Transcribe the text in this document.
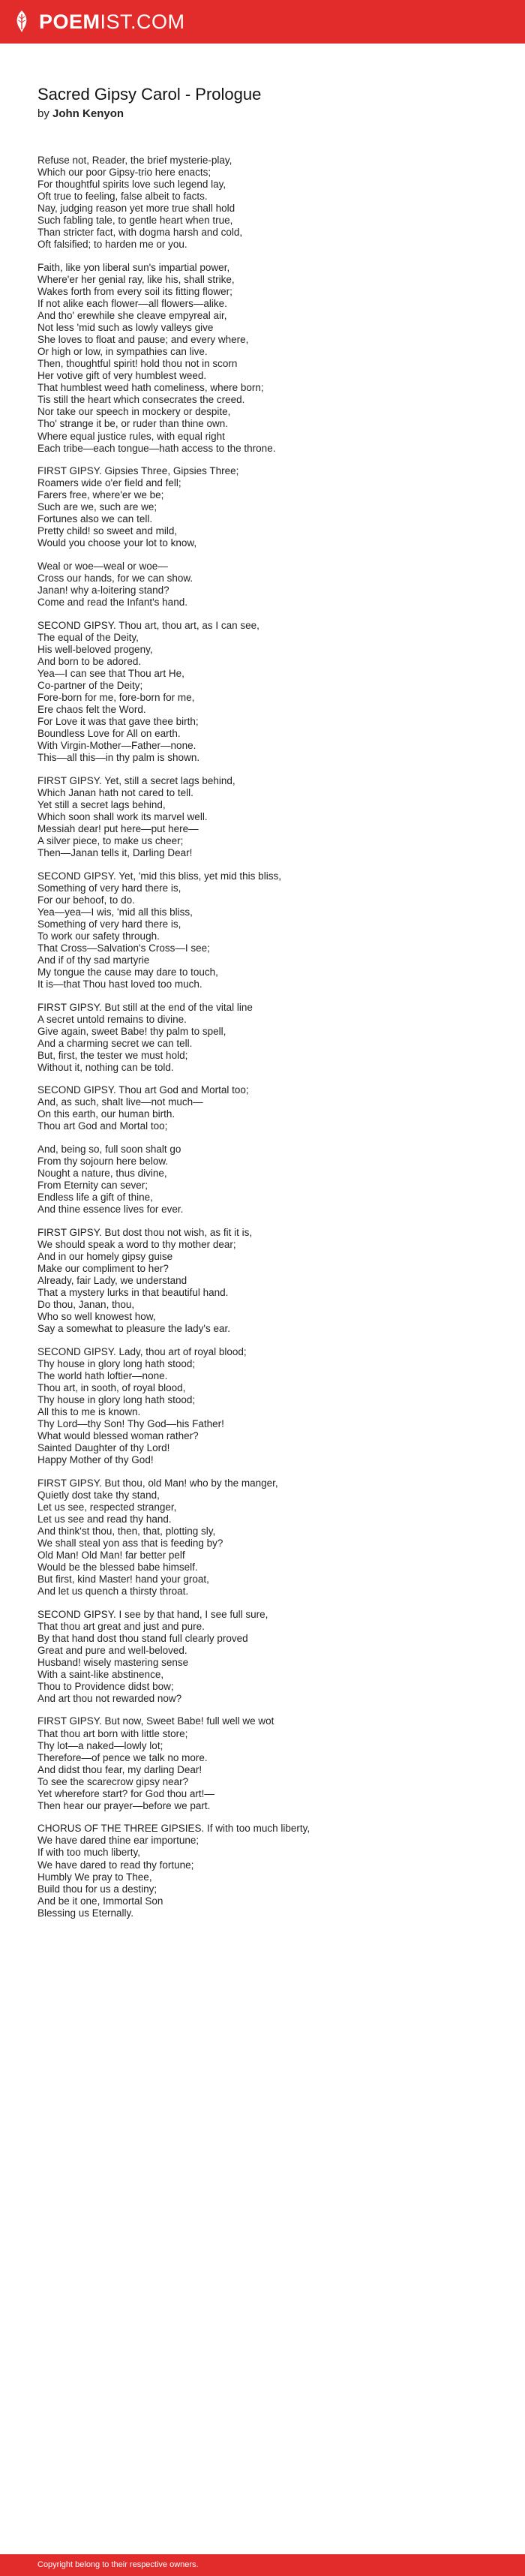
POEMIST.COM
Sacred Gipsy Carol - Prologue
by John Kenyon
Refuse not, Reader, the brief mysterie-play,
Which our poor Gipsy-trio here enacts;
For thoughtful spirits love such legend lay,
Oft true to feeling, false albeit to facts.
Nay, judging reason yet more true shall hold
Such fabling tale, to gentle heart when true,
Than stricter fact, with dogma harsh and cold,
Oft falsified; to harden me or you.
Faith, like yon liberal sun's impartial power,
Where'er her genial ray, like his, shall strike,
Wakes forth from every soil its fitting flower;
If not alike each flower—all flowers—alike.
And tho' erewhile she cleave empyreal air,
Not less 'mid such as lowly valleys give
She loves to float and pause; and every where,
Or high or low, in sympathies can live.
Then, thoughtful spirit! hold thou not in scorn
Her votive gift of very humblest weed.
That humblest weed hath comeliness, where born;
Tis still the heart which consecrates the creed.
Nor take our speech in mockery or despite,
Tho' strange it be, or ruder than thine own.
Where equal justice rules, with equal right
Each tribe—each tongue—hath access to the throne.
FIRST GIPSY. Gipsies Three, Gipsies Three;
Roamers wide o'er field and fell;
Farers free, where'er we be;
Such are we, such are we;
Fortunes also we can tell.
Pretty child! so sweet and mild,
Would you choose your lot to know,
Weal or woe—weal or woe—
Cross our hands, for we can show.
Janan! why a-loitering stand?
Come and read the Infant's hand.
SECOND GIPSY. Thou art, thou art, as I can see,
The equal of the Deity,
His well-beloved progeny,
And born to be adored.
Yea—I can see that Thou art He,
Co-partner of the Deity;
Fore-born for me, fore-born for me,
Ere chaos felt the Word.
For Love it was that gave thee birth;
Boundless Love for All on earth.
With Virgin-Mother—Father—none.
This—all this—in thy palm is shown.
FIRST GIPSY. Yet, still a secret lags behind,
Which Janan hath not cared to tell.
Yet still a secret lags behind,
Which soon shall work its marvel well.
Messiah dear! put here—put here—
A silver piece, to make us cheer;
Then—Janan tells it, Darling Dear!
SECOND GIPSY. Yet, 'mid this bliss, yet mid this bliss,
Something of very hard there is,
For our behoof, to do.
Yea—yea—I wis, 'mid all this bliss,
Something of very hard there is,
To work our safety through.
That Cross—Salvation's Cross—I see;
And if of thy sad martyrie
My tongue the cause may dare to touch,
It is—that Thou hast loved too much.
FIRST GIPSY. But still at the end of the vital line
A secret untold remains to divine.
Give again, sweet Babe! thy palm to spell,
And a charming secret we can tell.
But, first, the tester we must hold;
Without it, nothing can be told.
SECOND GIPSY. Thou art God and Mortal too;
And, as such, shalt live—not much—
On this earth, our human birth.
Thou art God and Mortal too;
And, being so, full soon shalt go
From thy sojourn here below.
Nought a nature, thus divine,
From Eternity can sever;
Endless life a gift of thine,
And thine essence lives for ever.
FIRST GIPSY. But dost thou not wish, as fit it is,
We should speak a word to thy mother dear;
And in our homely gipsy guise
Make our compliment to her?
Already, fair Lady, we understand
That a mystery lurks in that beautiful hand.
Do thou, Janan, thou,
Who so well knowest how,
Say a somewhat to pleasure the lady's ear.
SECOND GIPSY. Lady, thou art of royal blood;
Thy house in glory long hath stood;
The world hath loftier—none.
Thou art, in sooth, of royal blood,
Thy house in glory long hath stood;
All this to me is known.
Thy Lord—thy Son! Thy God—his Father!
What would blessed woman rather?
Sainted Daughter of thy Lord!
Happy Mother of thy God!
FIRST GIPSY. But thou, old Man! who by the manger,
Quietly dost take thy stand,
Let us see, respected stranger,
Let us see and read thy hand.
And think'st thou, then, that, plotting sly,
We shall steal yon ass that is feeding by?
Old Man! Old Man! far better pelf
Would be the blessed babe himself.
But first, kind Master! hand your groat,
And let us quench a thirsty throat.
SECOND GIPSY. I see by that hand, I see full sure,
That thou art great and just and pure.
By that hand dost thou stand full clearly proved
Great and pure and well-beloved.
Husband! wisely mastering sense
With a saint-like abstinence,
Thou to Providence didst bow;
And art thou not rewarded now?
FIRST GIPSY. But now, Sweet Babe! full well we wot
That thou art born with little store;
Thy lot—a naked—lowly lot;
Therefore—of pence we talk no more.
And didst thou fear, my darling Dear!
To see the scarecrow gipsy near?
Yet wherefore start? for God thou art!—
Then hear our prayer—before we part.
CHORUS OF THE THREE GIPSIES. If with too much liberty,
We have dared thine ear importune;
If with too much liberty,
We have dared to read thy fortune;
Humbly We pray to Thee,
Build thou for us a destiny;
And be it one, Immortal Son
Blessing us Eternally.
Copyright belong to their respective owners.
